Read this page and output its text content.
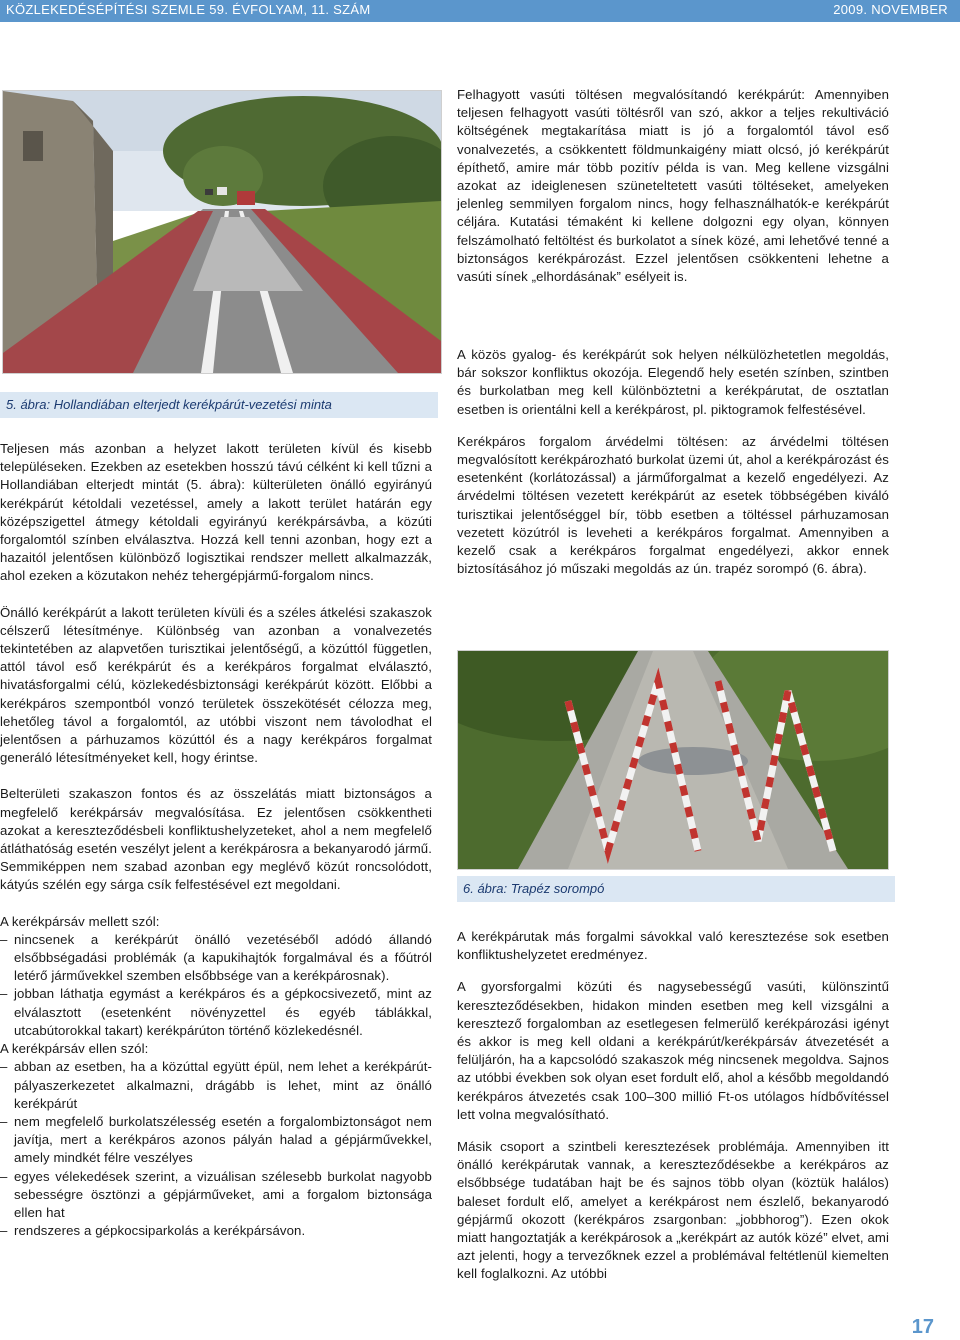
KÖZLEKEDÉSÉPÍTÉSI SZEMLE 59. ÉVFOLYAM, 11. SZÁM	2009. NOVEMBER
5. ábra: Hollandiában elterjedt kerékpárút-vezetési minta

Teljesen más azonban a helyzet lakott területen kívül és kisebb településeken. Ezekben az esetekben hosszú távú célként ki kell tűzni a Hollandiában elterjedt mintát (5. ábra): külterületen önálló egyirányú kerékpárút kétoldali vezetéssel, amely a lakott terület határán egy középszigettel átmegy kétoldali egyirányú kerékpársávba, a közúti forgalomtól színben elválasztva. Hozzá kell tenni azonban, hogy ezt a hazaitól jelentősen különböző logisztikai rendszer mellett alkalmazzák, ahol ezeken a közutakon nehéz tehergépjármű-forgalom nincs.

Önálló kerékpárút a lakott területen kívüli és a széles átkelési szakaszok célszerű létesítménye. Különbség van azonban a vonalvezetés tekintetében az alapvetően turisztikai jelentőségű, a közúttól független, attól távol eső kerékpárút és a kerékpáros forgalmat elválasztó, hivatásforgalmi célú, közlekedésbiztonsági kerékpárút között. Előbbi a kerékpáros szempontból vonzó területek összekötését célozza meg, lehetőleg távol a forgalomtól, az utóbbi viszont nem távolodhat el jelentősen a párhuzamos közúttól és a nagy kerékpáros forgalmat generáló létesítményeket kell, hogy érintse.

Belterületi szakaszon fontos és az összelátás miatt biztonságos a megfelelő kerékpársáv megvalósítása. Ez jelentősen csökkentheti azokat a kereszteződésbeli konfliktushelyzeteket, ahol a nem megfelelő átláthatóság esetén veszélyt jelent a kerékpárosra a bekanyarodó jármű. Semmiképpen nem szabad azonban egy meglévő közút roncsolódott, kátyús szélén egy sárga csík felfestésével ezt megoldani.

A kerékpársáv mellett szól:

– nincsenek a kerékpárút önálló vezetéséből adódó állandó elsőbbségadási problémák (a kapukihajtók forgalmával és a főútról letérő járművekkel szemben elsőbbsége van a kerékpárosnak).

– jobban láthatja egymást a kerékpáros és a gépkocsivezető, mint az elválasztott (esetenként növényzettel és egyéb táblákkal, utcabútorokkal takart) kerékpárúton történő közlekedésnél.

A kerékpársáv ellen szól:

– abban az esetben, ha a közúttal együtt épül, nem lehet a kerékpárút-pályaszerkezetet alkalmazni, drágább is lehet, mint az önálló kerékpárút

– nem megfelelő burkolatszélesség esetén a forgalombiztonságot nem javítja, mert a kerékpáros azonos pályán halad a gépjárművekkel, amely mindkét félre veszélyes

– egyes vélekedések szerint, a vizuálisan szélesebb burkolat nagyobb sebességre ösztönzi a gépjárműveket, ami a forgalom biztonsága ellen hat

– rendszeres a gépkocsiparkolás a kerékpársávon.

Felhagyott vasúti töltésen megvalósítandó kerékpárút: Amennyiben teljesen felhagyott vasúti töltésről van szó, akkor a teljes rekultiváció költségének megtakarítása miatt is jó a forgalomtól távol eső vonalvezetés, a csökkentett földmunkaigény miatt olcsó, jó kerékpárút építhető, amire már több pozitív példa is van. Meg kellene vizsgálni azokat az ideiglenesen szüneteltetett vasúti töltéseket, amelyeken jelenleg semmilyen forgalom nincs, hogy felhasználhatók-e kerékpárút céljára. Kutatási témaként ki kellene dolgozni egy olyan, könnyen felszámolható feltöltést és burkolatot a sínek közé, ami lehetővé tenné a biztonságos kerékpározást. Ezzel jelentősen csökkenteni lehetne a vasúti sínek „elhordásának” esélyeit is.

A közös gyalog- és kerékpárút sok helyen nélkülözhetetlen megoldás, bár sokszor konfliktus okozója. Elegendő hely esetén színben, szintben és burkolatban meg kell különböztetni a kerékpárutat, de osztatlan esetben is orientálni kell a kerékpárost, pl. piktogramok felfestésével.

Kerékpáros forgalom árvédelmi töltésen: az árvédelmi töltésen megvalósított kerékpározható burkolat üzemi út, ahol a kerékpározást és esetenként (korlátozással) a járműforgalmat a kezelő engedélyezi. Az árvédelmi töltésen vezetett kerékpárút az esetek többségében kiváló turisztikai jelentőséggel bír, több esetben a töltéssel párhuzamosan vezetett közútról is leveheti a kerékpáros forgalmat. Amennyiben a kezelő csak a kerékpáros forgalmat engedélyezi, akkor ennek biztosításához jó műszaki megoldás az ún. trapéz sorompó (6. ábra).

6. ábra: Trapéz sorompó

A kerékpárutak más forgalmi sávokkal való keresztezése sok esetben konfliktushelyzetet eredményez.

A gyorsforgalmi közúti és nagysebességű vasúti, különszintű kereszteződésekben, hidakon minden esetben meg kell vizsgálni a keresztező forgalomban az esetlegesen felmerülő kerékpározási igényt és akkor is meg kell oldani a kerékpárút/kerékpársáv átvezetését a felüljárón, ha a kapcsolódó szakaszok még nincsenek megoldva. Sajnos az utóbbi években sok olyan eset fordult elő, ahol a később megoldandó kerékpáros átvezetés csak 100–300 millió Ft-os utólagos hídbővítéssel lett volna megvalósítható.

Másik csoport a szintbeli keresztezések problémája. Amennyiben itt önálló kerékpárutak vannak, a kereszteződésekbe a kerékpáros az elsőbbsége tudatában hajt be és sajnos több olyan (köztük halálos) baleset fordult elő, amelyet a kerékpárost nem észlelő, bekanyarodó gépjármű okozott (kerékpáros zsargonban: „jobbhorog”). Ezen okok miatt hangoztatják a kerékpárosok a „kerékpárt az autók közé” elvet, ami azt jelenti, hogy a tervezőknek ezzel a problémával feltétlenül kiemelten kell foglalkozni. Az utóbbi

17
